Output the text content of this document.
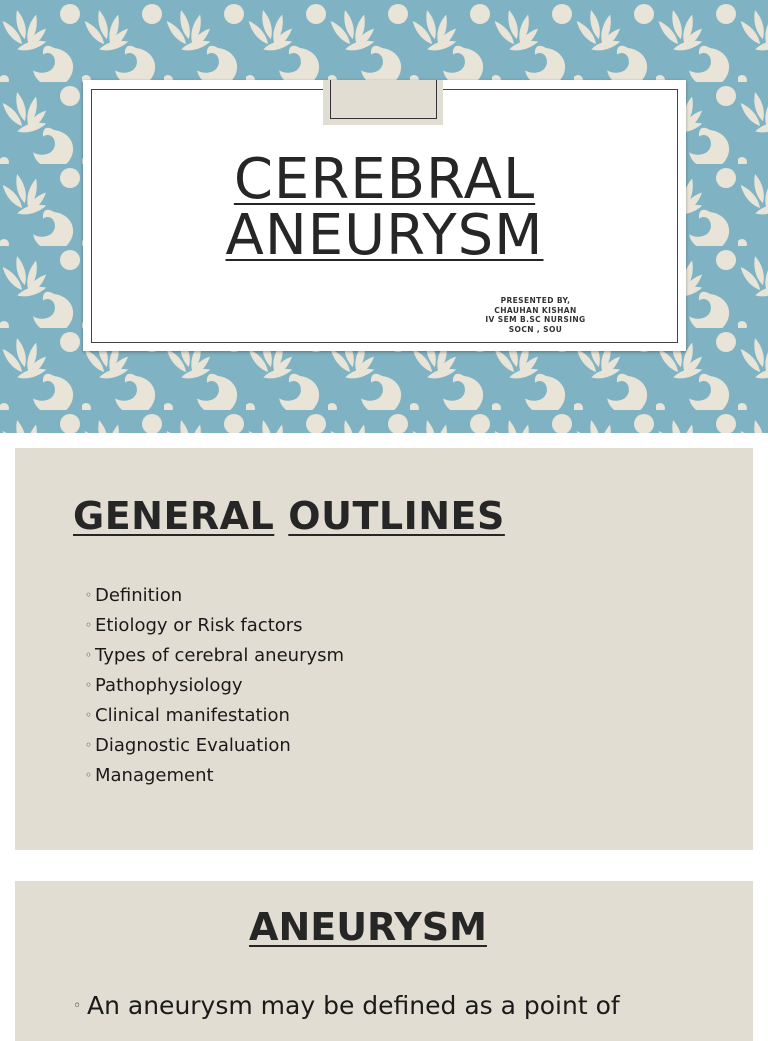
CEREBRAL
ANEURYSM
PRESENTED BY,
CHAUHAN KISHAN
IV SEM B.SC NURSING
SOCN , SOU
GENERAL OUTLINES
◦ Definition
◦ Etiology or Risk factors
◦ Types of cerebral aneurysm
◦ Pathophysiology
◦ Clinical manifestation
◦ Diagnostic Evaluation
◦ Management
ANEURYSM
◦ An aneurysm may be defined as a point of
